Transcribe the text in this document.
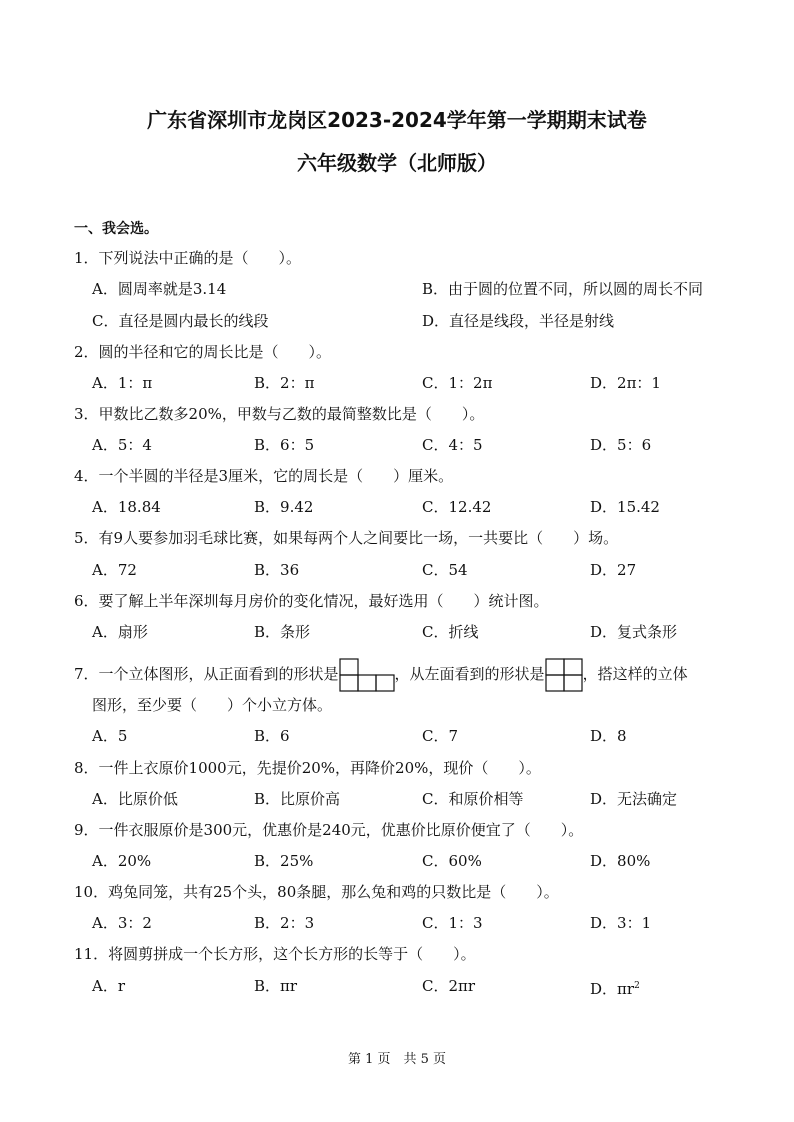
广东省深圳市龙岗区2023-2024学年第一学期期末试卷
六年级数学（北师版）
一、我会选。
1．下列说法中正确的是（　　）。
A．圆周率就是3.14	B．由于圆的位置不同，所以圆的周长不同
C．直径是圆内最长的线段	D．直径是线段，半径是射线
2．圆的半径和它的周长比是（　　）。
A．1：π	B．2：π	C．1：2π	D．2π：1
3．甲数比乙数多20%，甲数与乙数的最简整数比是（　　）。
A．5：4	B．6：5	C．4：5	D．5：6
4．一个半圆的半径是3厘米，它的周长是（　　）厘米。
A．18.84	B．9.42	C．12.42	D．15.42
5．有9人要参加羽毛球比赛，如果每两个人之间要比一场，一共要比（　　）场。
A．72	B．36	C．54	D．27
6．要了解上半年深圳每月房价的变化情况，最好选用（　　）统计图。
A．扇形	B．条形	C．折线	D．复式条形
7．一个立体图形，从正面看到的形状是	，从左面看到的形状是	，搭这样的立体
图形，至少要（　　）个小立方体。
A．5	B．6	C．7	D．8
8．一件上衣原价1000元，先提价20%，再降价20%，现价（　　）。
A．比原价低	B．比原价高	C．和原价相等	D．无法确定
9．一件衣服原价是300元，优惠价是240元，优惠价比原价便宜了（　　）。
A．20%	B．25%	C．60%	D．80%
10．鸡兔同笼，共有25个头，80条腿，那么兔和鸡的只数比是（　　）。
A．3：2	B．2：3	C．1：3	D．3：1
11．将圆剪拼成一个长方形，这个长方形的长等于（　　）。
A．r	B．πr	C．2πr	D．$\pi r^2$
第 1 页　共 5 页
